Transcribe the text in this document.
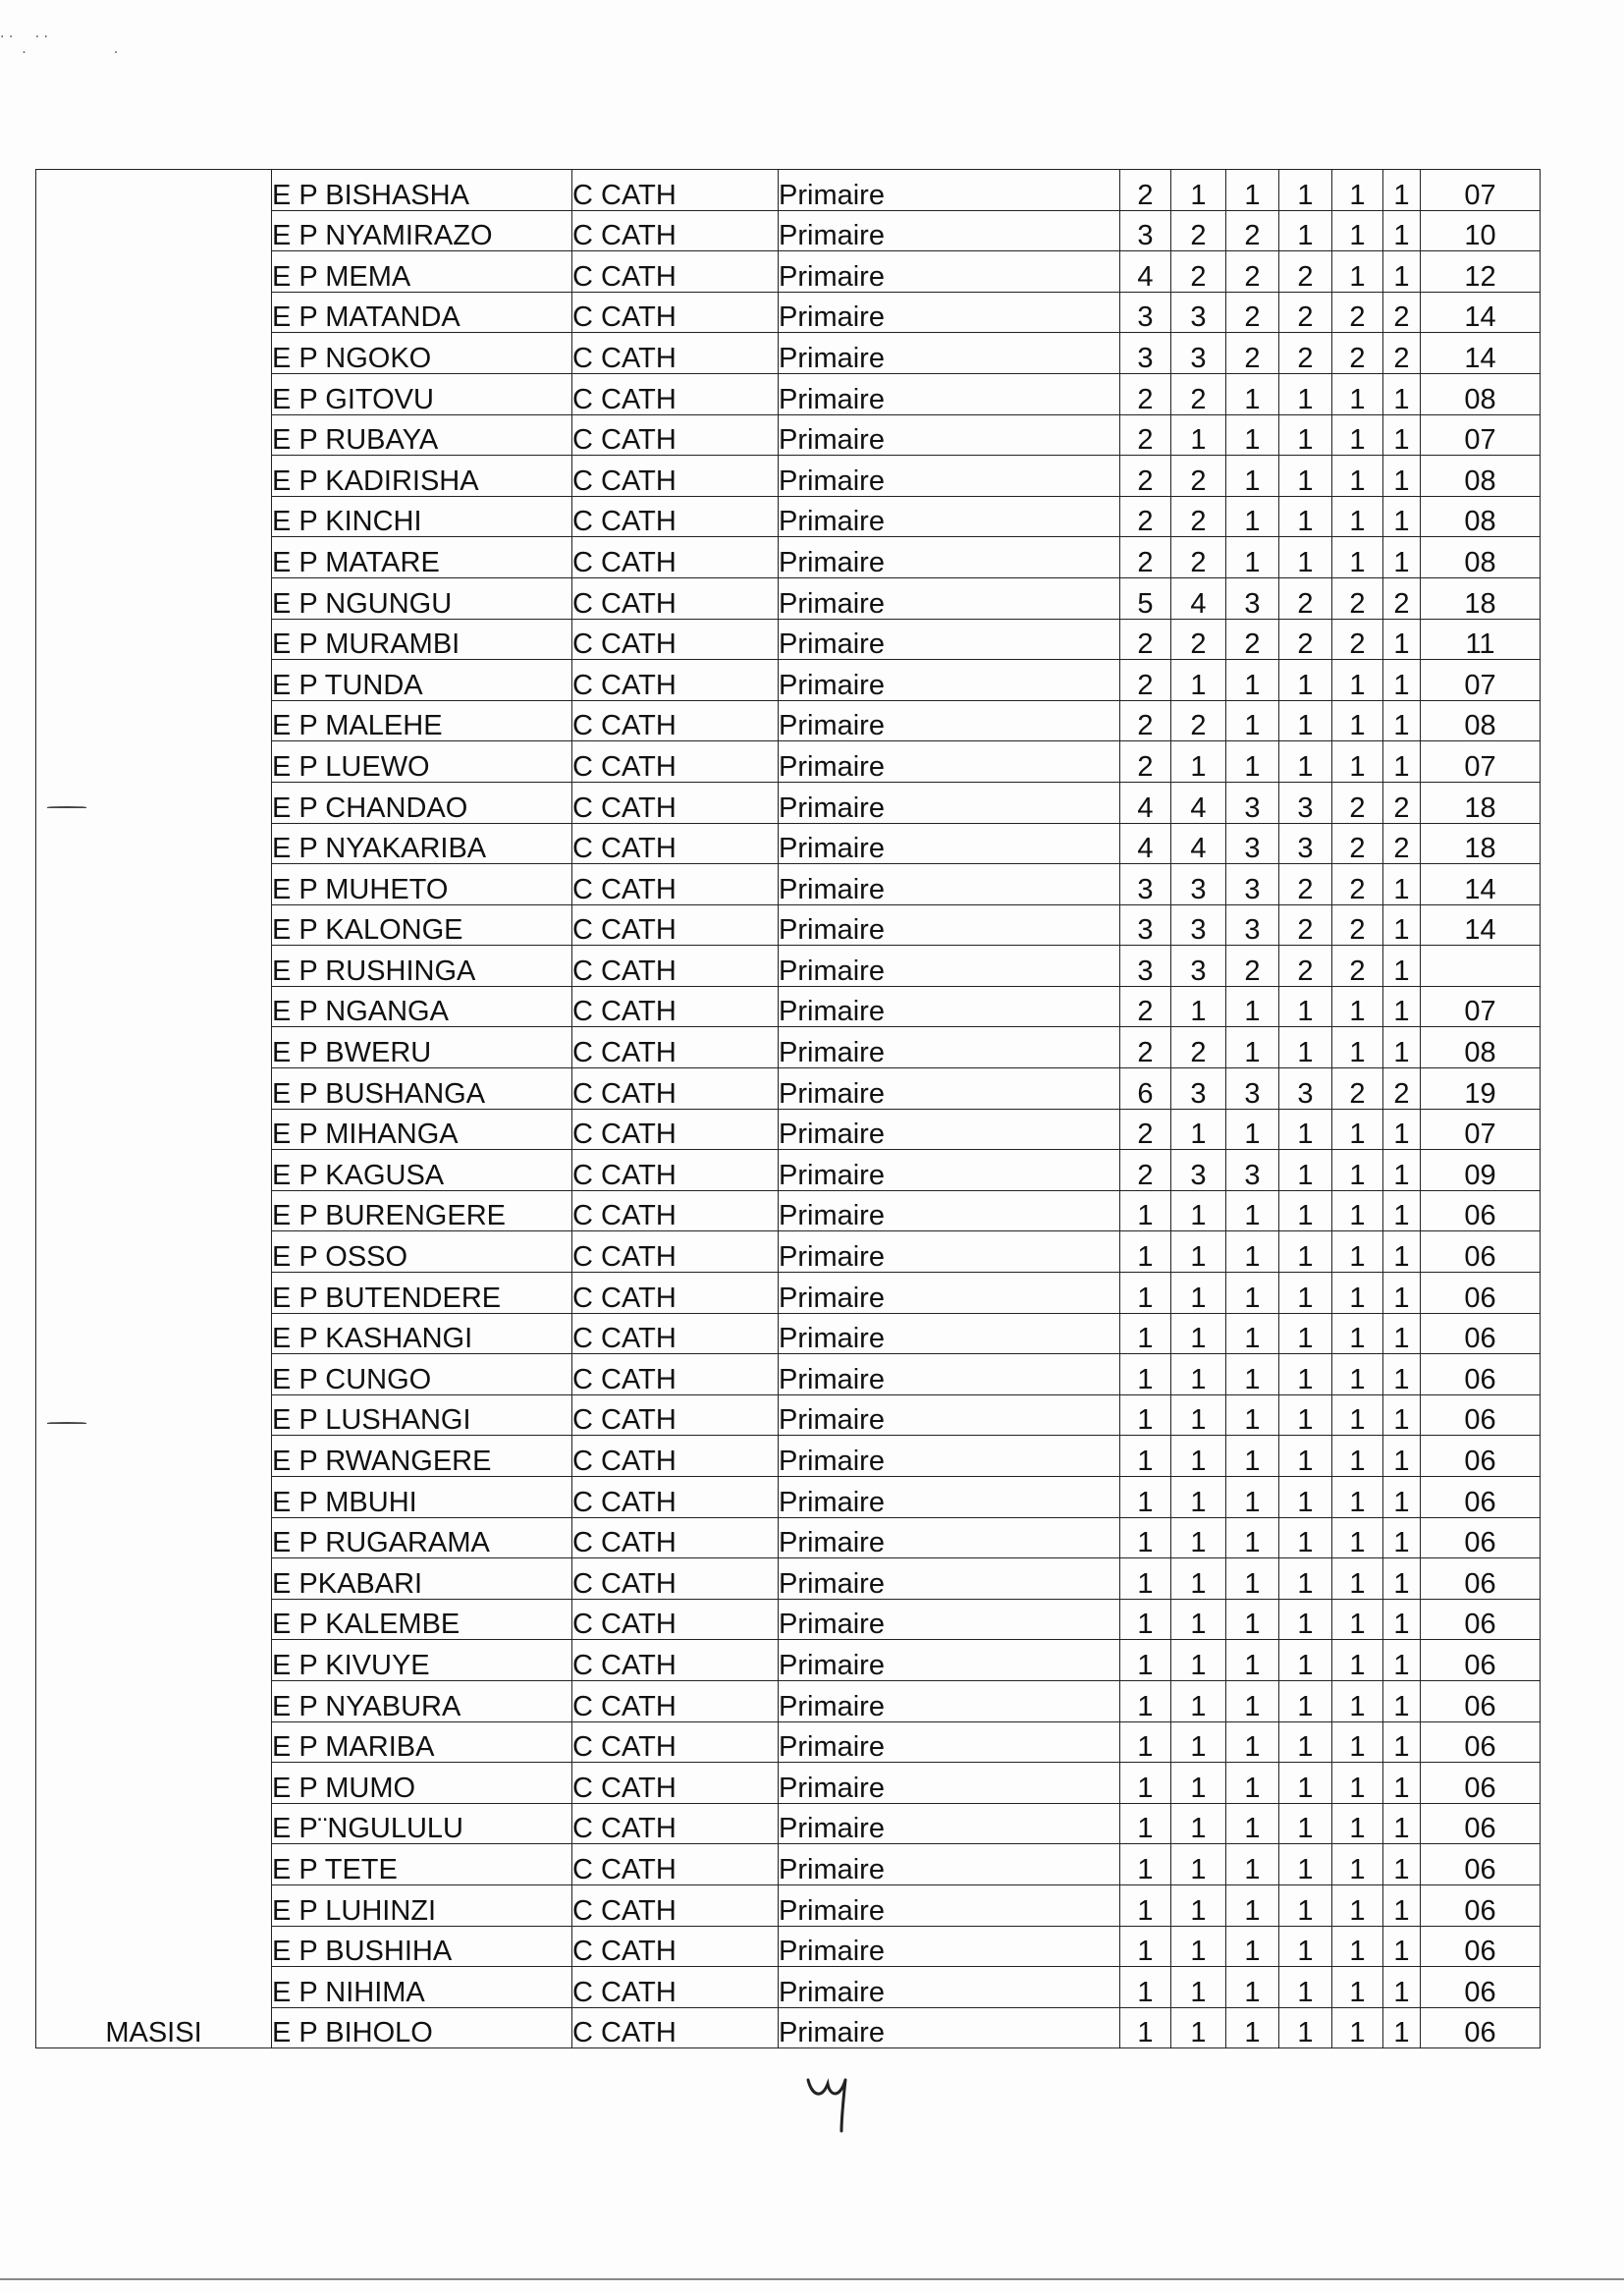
⋅ ⋅     ⋅ ⋅
⋅                    ⋅
MASISI	E P BISHASHA	C CATH	Primaire	2	1	1	1	1	1	07
	E P NYAMIRAZO	C CATH	Primaire	3	2	2	1	1	1	10
	E P MEMA	C CATH	Primaire	4	2	2	2	1	1	12
	E P MATANDA	C CATH	Primaire	3	3	2	2	2	2	14
	E P NGOKO	C CATH	Primaire	3	3	2	2	2	2	14
	E P GITOVU	C CATH	Primaire	2	2	1	1	1	1	08
	E P RUBAYA	C CATH	Primaire	2	1	1	1	1	1	07
	E P KADIRISHA	C CATH	Primaire	2	2	1	1	1	1	08
	E P KINCHI	C CATH	Primaire	2	2	1	1	1	1	08
	E P MATARE	C CATH	Primaire	2	2	1	1	1	1	08
	E P NGUNGU	C CATH	Primaire	5	4	3	2	2	2	18
	E P MURAMBI	C CATH	Primaire	2	2	2	2	2	1	11
	E P TUNDA	C CATH	Primaire	2	1	1	1	1	1	07
	E P MALEHE	C CATH	Primaire	2	2	1	1	1	1	08
	E P LUEWO	C CATH	Primaire	2	1	1	1	1	1	07
	E P CHANDAO	C CATH	Primaire	4	4	3	3	2	2	18
	E P NYAKARIBA	C CATH	Primaire	4	4	3	3	2	2	18
	E P MUHETO	C CATH	Primaire	3	3	3	2	2	1	14
	E P KALONGE	C CATH	Primaire	3	3	3	2	2	1	14
	E P RUSHINGA	C CATH	Primaire	3	3	2	2	2	1	
	E P NGANGA	C CATH	Primaire	2	1	1	1	1	1	07
	E P BWERU	C CATH	Primaire	2	2	1	1	1	1	08
	E P BUSHANGA	C CATH	Primaire	6	3	3	3	2	2	19
	E P MIHANGA	C CATH	Primaire	2	1	1	1	1	1	07
	E P KAGUSA	C CATH	Primaire	2	3	3	1	1	1	09
	E P BURENGERE	C CATH	Primaire	1	1	1	1	1	1	06
	E P OSSO	C CATH	Primaire	1	1	1	1	1	1	06
	E P BUTENDERE	C CATH	Primaire	1	1	1	1	1	1	06
	E P KASHANGI	C CATH	Primaire	1	1	1	1	1	1	06
	E P CUNGO	C CATH	Primaire	1	1	1	1	1	1	06
	E P LUSHANGI	C CATH	Primaire	1	1	1	1	1	1	06
	E P RWANGERE	C CATH	Primaire	1	1	1	1	1	1	06
	E P MBUHI	C CATH	Primaire	1	1	1	1	1	1	06
	E P RUGARAMA	C CATH	Primaire	1	1	1	1	1	1	06
	E PKABARI	C CATH	Primaire	1	1	1	1	1	1	06
	E P KALEMBE	C CATH	Primaire	1	1	1	1	1	1	06
	E P KIVUYE	C CATH	Primaire	1	1	1	1	1	1	06
	E P NYABURA	C CATH	Primaire	1	1	1	1	1	1	06
	E P MARIBA	C CATH	Primaire	1	1	1	1	1	1	06
	E P MUMO	C CATH	Primaire	1	1	1	1	1	1	06
	E P¨NGULULU	C CATH	Primaire	1	1	1	1	1	1	06
	E P TETE	C CATH	Primaire	1	1	1	1	1	1	06
	E P LUHINZI	C CATH	Primaire	1	1	1	1	1	1	06
	E P BUSHIHA	C CATH	Primaire	1	1	1	1	1	1	06
	E P NIHIMA	C CATH	Primaire	1	1	1	1	1	1	06
	E P BIHOLO	C CATH	Primaire	1	1	1	1	1	1	06
